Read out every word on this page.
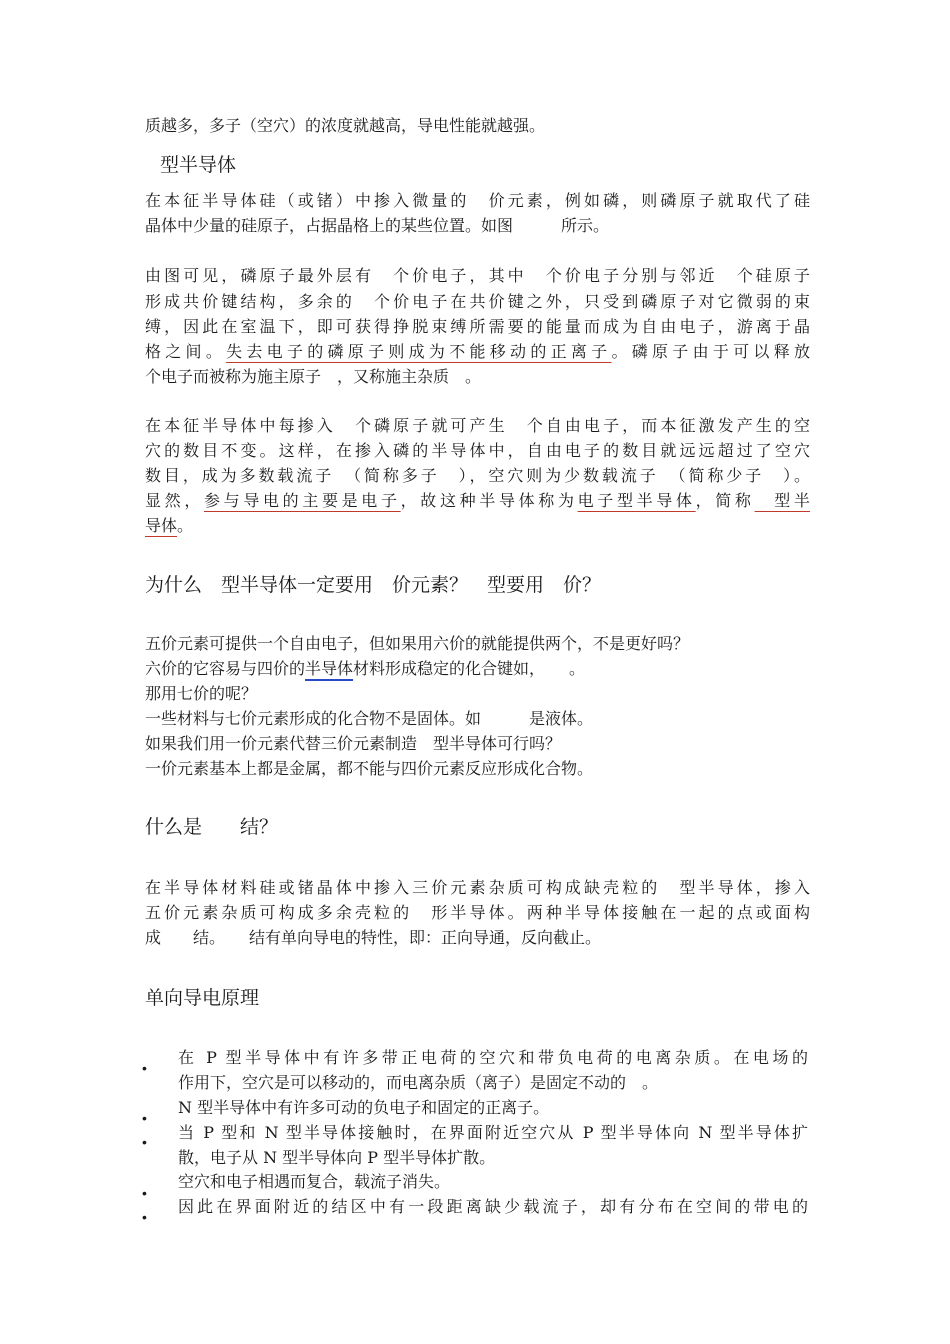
质越多，多子（空穴）的浓度就越高，导电性能就越强。
型半导体
在本征半导体硅（或锗）中掺入微量的　价元素，例如磷，则磷原子就取代了硅
晶体中少量的硅原子，占据晶格上的某些位置。如图　　　所示。
由图可见，磷原子最外层有　个价电子，其中　个价电子分别与邻近　个硅原子
形成共价键结构，多余的　个价电子在共价键之外，只受到磷原子对它微弱的束
缚，因此在室温下，即可获得挣脱束缚所需要的能量而成为自由电子，游离于晶
格之间。失去电子的磷原子则成为不能移动的正离子。磷原子由于可以释放
个电子而被称为施主原子　，又称施主杂质　。
在本征半导体中每掺入　个磷原子就可产生　个自由电子，而本征激发产生的空
穴的数目不变。这样，在掺入磷的半导体中，自由电子的数目就远远超过了空穴
数目，成为多数载流子　（简称多子　），空穴则为少数载流子　（简称少子　）。
显然，参与导电的主要是电子，故这种半导体称为电子型半导体，简称　型半
导体。
为什么　型半导体一定要用　价元素？　型要用　价？
五价元素可提供一个自由电子，但如果用六价的就能提供两个，不是更好吗？
六价的它容易与四价的半导体材料形成稳定的化合键如，　　。
那用七价的呢？
一些材料与七价元素形成的化合物不是固体。如　　　是液体。
如果我们用一价元素代替三价元素制造　型半导体可行吗？
一价元素基本上都是金属，都不能与四价元素反应形成化合物。
什么是　　结？
在半导体材料硅或锗晶体中掺入三价元素杂质可构成缺壳粒的　型半导体，掺入
五价元素杂质可构成多余壳粒的　形半导体。两种半导体接触在一起的点或面构
成　　结。　　结有单向导电的特性，即：正向导通，反向截止。
单向导电原理
在 P 型半导体中有许多带正电荷的空穴和带负电荷的电离杂质。在电场的
•
作用下，空穴是可以移动的，而电离杂质（离子）是固定不动的　。
N 型半导体中有许多可动的负电子和固定的正离子。
•
• 当 P 型和 N 型半导体接触时，在界面附近空穴从 P 型半导体向 N 型半导体扩
散，电子从 N 型半导体向 P 型半导体扩散。
空穴和电子相遇而复合，载流子消失。
•
因此在界面附近的结区中有一段距离缺少载流子，却有分布在空间的带电的
•
